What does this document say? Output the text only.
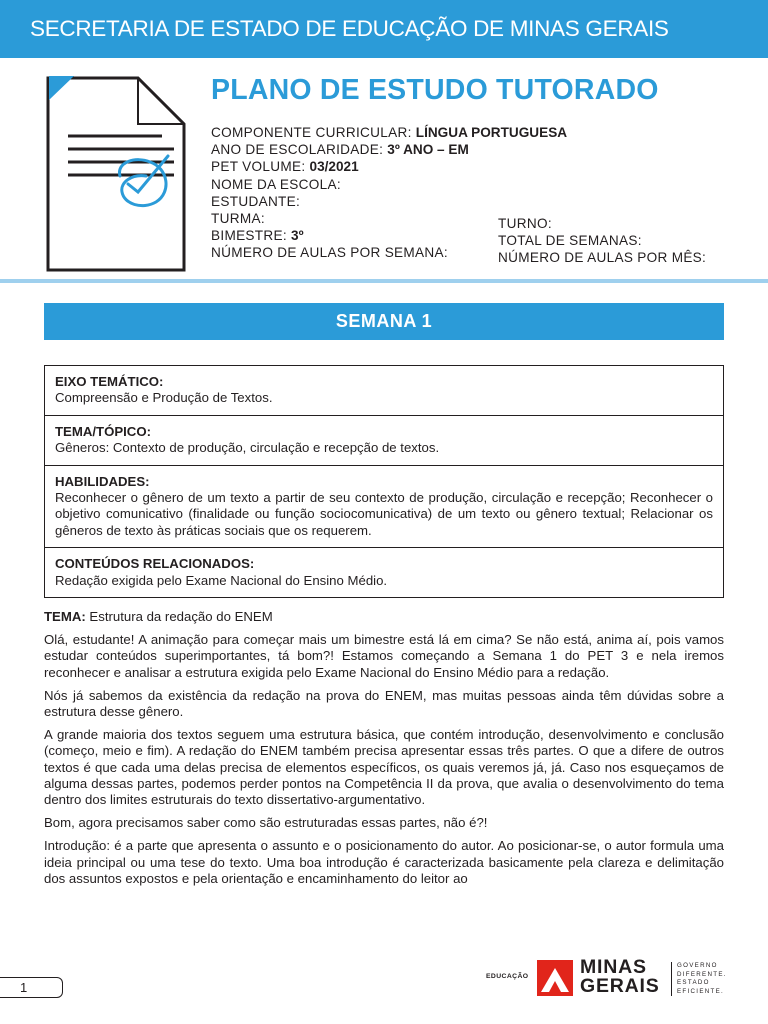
SECRETARIA DE ESTADO DE EDUCAÇÃO DE MINAS GERAIS
PLANO DE ESTUDO TUTORADO
COMPONENTE CURRICULAR: LÍNGUA PORTUGUESA
ANO DE ESCOLARIDADE: 3º ANO – EM
PET VOLUME: 03/2021
NOME DA ESCOLA:
ESTUDANTE:
TURMA:
BIMESTRE: 3º
NÚMERO DE AULAS POR SEMANA:
TURNO:
TOTAL DE SEMANAS:
NÚMERO DE AULAS POR MÊS:
SEMANA 1
EIXO TEMÁTICO:
Compreensão e Produção de Textos.
TEMA/TÓPICO:
Gêneros: Contexto de produção, circulação e recepção de textos.
HABILIDADES:
Reconhecer o gênero de um texto a partir de seu contexto de produção, circulação e recepção; Reconhecer o objetivo comunicativo (finalidade ou função sociocomunicativa) de um texto ou gênero textual; Relacionar os gêneros de texto às práticas sociais que os requerem.
CONTEÚDOS RELACIONADOS:
Redação exigida pelo Exame Nacional do Ensino Médio.

TEMA: Estrutura da redação do ENEM

Olá, estudante! A animação para começar mais um bimestre está lá em cima? Se não está, anima aí, pois vamos estudar conteúdos superimportantes, tá bom?! Estamos começando a Semana 1 do PET 3 e nela iremos reconhecer e analisar a estrutura exigida pelo Exame Nacional do Ensino Médio para a redação.

Nós já sabemos da existência da redação na prova do ENEM, mas muitas pessoas ainda têm dúvidas sobre a estrutura desse gênero.

A grande maioria dos textos seguem uma estrutura básica, que contém introdução, desenvolvimento e conclusão (começo, meio e fim). A redação do ENEM também precisa apresentar essas três partes. O que a difere de outros textos é que cada uma delas precisa de elementos específicos, os quais veremos já, já. Caso nos esqueçamos de alguma dessas partes, podemos perder pontos na Competência II da prova, que avalia o desenvolvimento do tema dentro dos limites estruturais do texto dissertativo-argumentativo.

Bom, agora precisamos saber como são estruturadas essas partes, não é?!

Introdução: é a parte que apresenta o assunto e o posicionamento do autor. Ao posicionar-se, o autor formula uma ideia principal ou uma tese do texto. Uma boa introdução é caracterizada basicamente pela clareza e delimitação dos assuntos expostos e pela orientação e encaminhamento do leitor ao

1
EDUCAÇÃO	MINAS
GERAIS
GOVERNO
DIFERENTE.
ESTADO
EFICIENTE.
